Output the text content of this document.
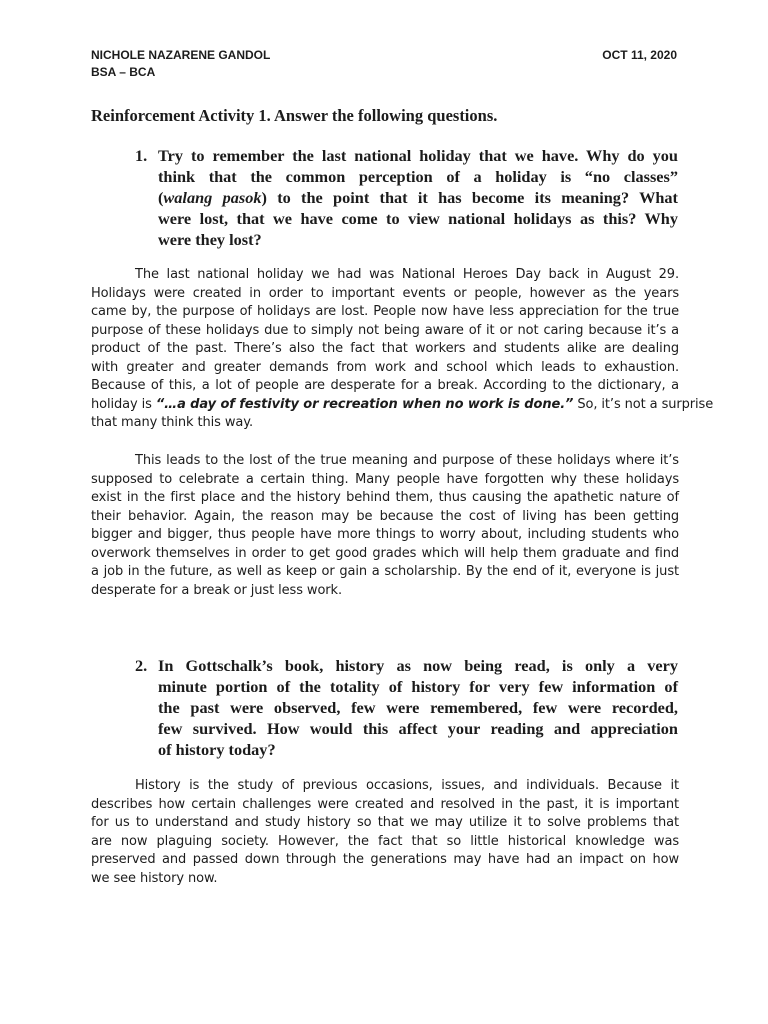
NICHOLE NAZARENE GANDOL
BSA – BCA
OCT 11, 2020
Reinforcement Activity 1. Answer the following questions.
1. Try to remember the last national holiday that we have. Why do you
think that the common perception of a holiday is “no classes”
(walang pasok) to the point that it has become its meaning? What
were lost, that we have come to view national holidays as this? Why
were they lost?
The last national holiday we had was National Heroes Day back in August 29.
Holidays were created in order to important events or people, however as the years
came by, the purpose of holidays are lost. People now have less appreciation for the true
purpose of these holidays due to simply not being aware of it or not caring because it’s a
product of the past. There’s also the fact that workers and students alike are dealing
with greater and greater demands from work and school which leads to exhaustion.
Because of this, a lot of people are desperate for a break. According to the dictionary, a
holiday is “…a day of festivity or recreation when no work is done.” So, it’s not a surprise
that many think this way.
This leads to the lost of the true meaning and purpose of these holidays where it’s
supposed to celebrate a certain thing. Many people have forgotten why these holidays
exist in the first place and the history behind them, thus causing the apathetic nature of
their behavior. Again, the reason may be because the cost of living has been getting
bigger and bigger, thus people have more things to worry about, including students who
overwork themselves in order to get good grades which will help them graduate and find
a job in the future, as well as keep or gain a scholarship. By the end of it, everyone is just
desperate for a break or just less work.
2. In Gottschalk’s book, history as now being read, is only a very
minute portion of the totality of history for very few information of
the past were observed, few were remembered, few were recorded,
few survived. How would this affect your reading and appreciation
of history today?
History is the study of previous occasions, issues, and individuals. Because it
describes how certain challenges were created and resolved in the past, it is important
for us to understand and study history so that we may utilize it to solve problems that
are now plaguing society. However, the fact that so little historical knowledge was
preserved and passed down through the generations may have had an impact on how
we see history now.
